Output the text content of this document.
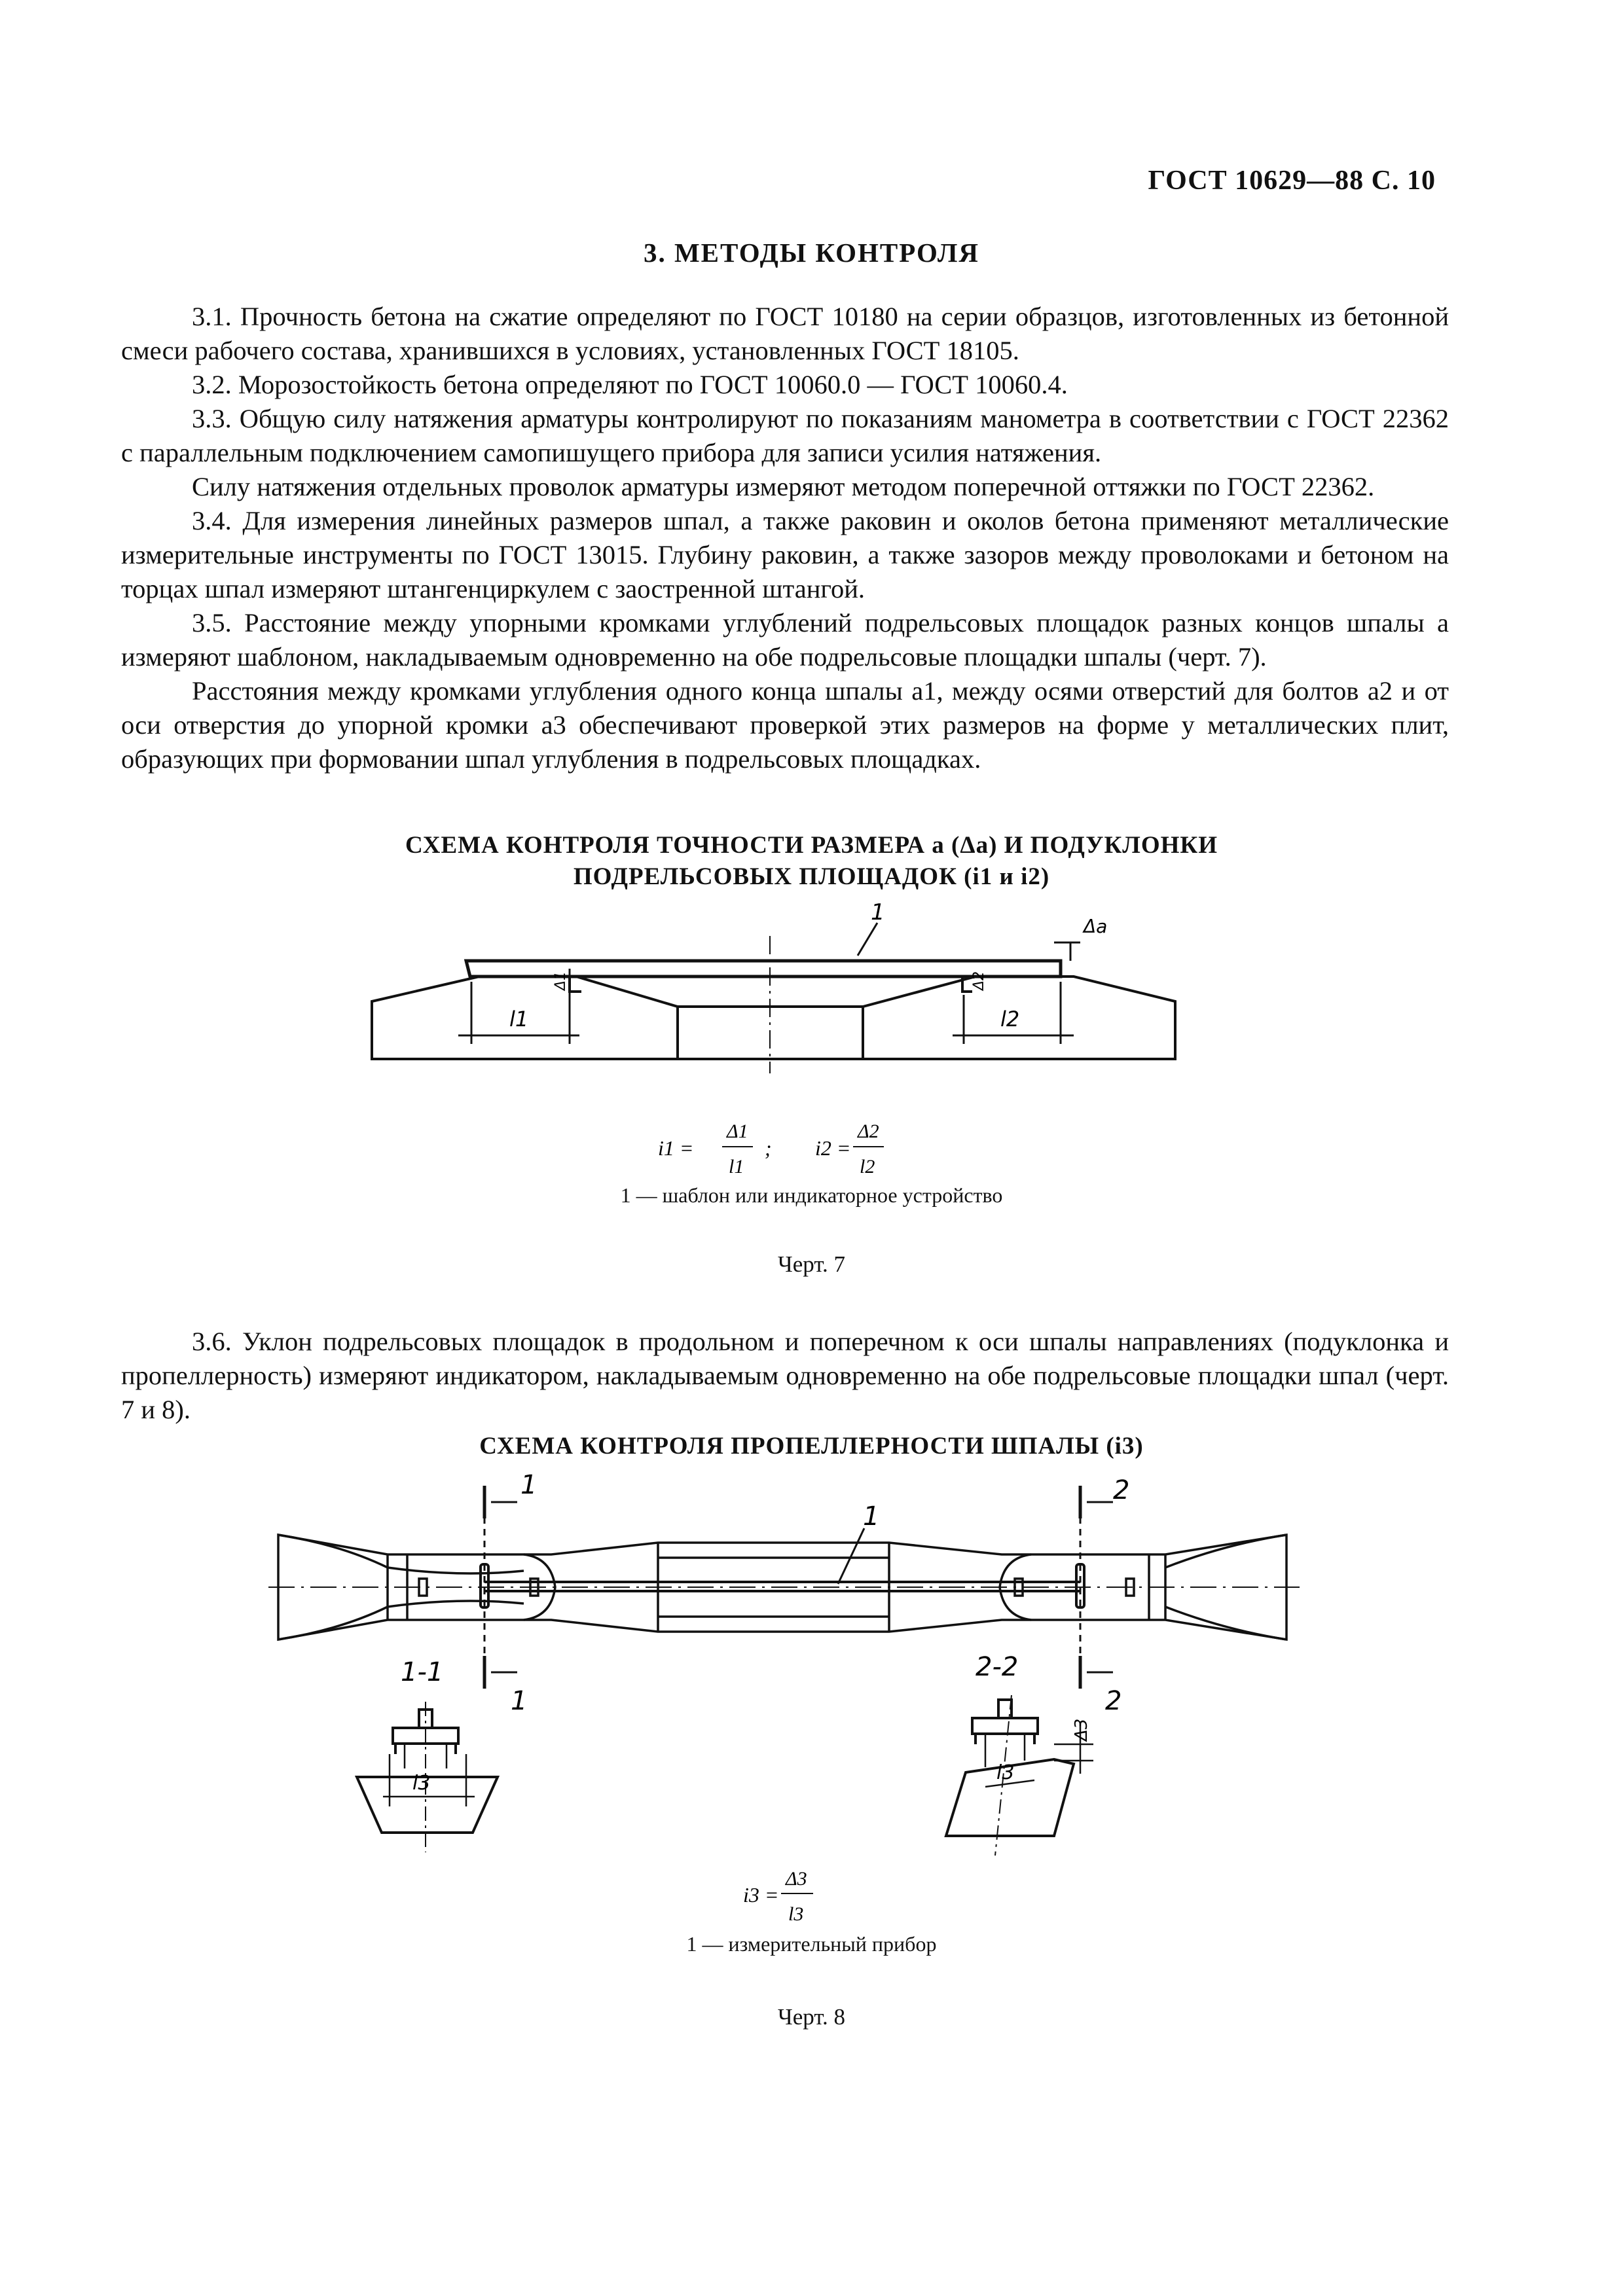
ГОСТ 10629—88 С. 10
3. МЕТОДЫ КОНТРОЛЯ

3.1. Прочность бетона на сжатие определяют по ГОСТ 10180 на серии образцов, изготовленных из бетонной смеси рабочего состава, хранившихся в условиях, установленных ГОСТ 18105.

3.2. Морозостойкость бетона определяют по ГОСТ 10060.0 — ГОСТ 10060.4.

3.3. Общую силу натяжения арматуры контролируют по показаниям манометра в соответствии с ГОСТ 22362 с параллельным подключением самопишущего прибора для записи усилия натяжения.

Силу натяжения отдельных проволок арматуры измеряют методом поперечной оттяжки по ГОСТ 22362.

3.4. Для измерения линейных размеров шпал, а также раковин и околов бетона применяют металлические измерительные инструменты по ГОСТ 13015. Глубину раковин, а также зазоров между проволоками и бетоном на торцах шпал измеряют штангенциркулем с заостренной штангой.

3.5. Расстояние между упорными кромками углублений подрельсовых площадок разных концов шпалы a измеряют шаблоном, накладываемым одновременно на обе подрельсовые площадки шпалы (черт. 7).

Расстояния между кромками углубления одного конца шпалы a1, между осями отверстий для болтов a2 и от оси отверстия до упорной кромки a3 обеспечивают проверкой этих размеров на форме у металлических плит, образующих при формовании шпал углубления в подрельсовых площадках.

СХЕМА КОНТРОЛЯ ТОЧНОСТИ РАЗМЕРА a (Δa) И ПОДУКЛОНКИ
ПОДРЕЛЬСОВЫХ ПЛОЩАДОК (i1 и i2)
1
Δa
Δ1	Δ2
l1	l2
i1 =
Δ1
l1
; i2 =
Δ2
l2
1 — шаблон или индикаторное устройство
Черт. 7

3.6. Уклон подрельсовых площадок в продольном и поперечном к оси шпалы направлениях (подуклонка и пропеллерность) измеряют индикатором, накладываемым одновременно на обе подрельсовые площадки шпал (черт. 7 и 8).

СХЕМА КОНТРОЛЯ ПРОПЕЛЛЕРНОСТИ ШПАЛЫ (i3)
1
1
2
2
1
1-1	2-2
l3	l3
Δ3
i3 =
Δ3
l3
1 — измерительный прибор
Черт. 8
